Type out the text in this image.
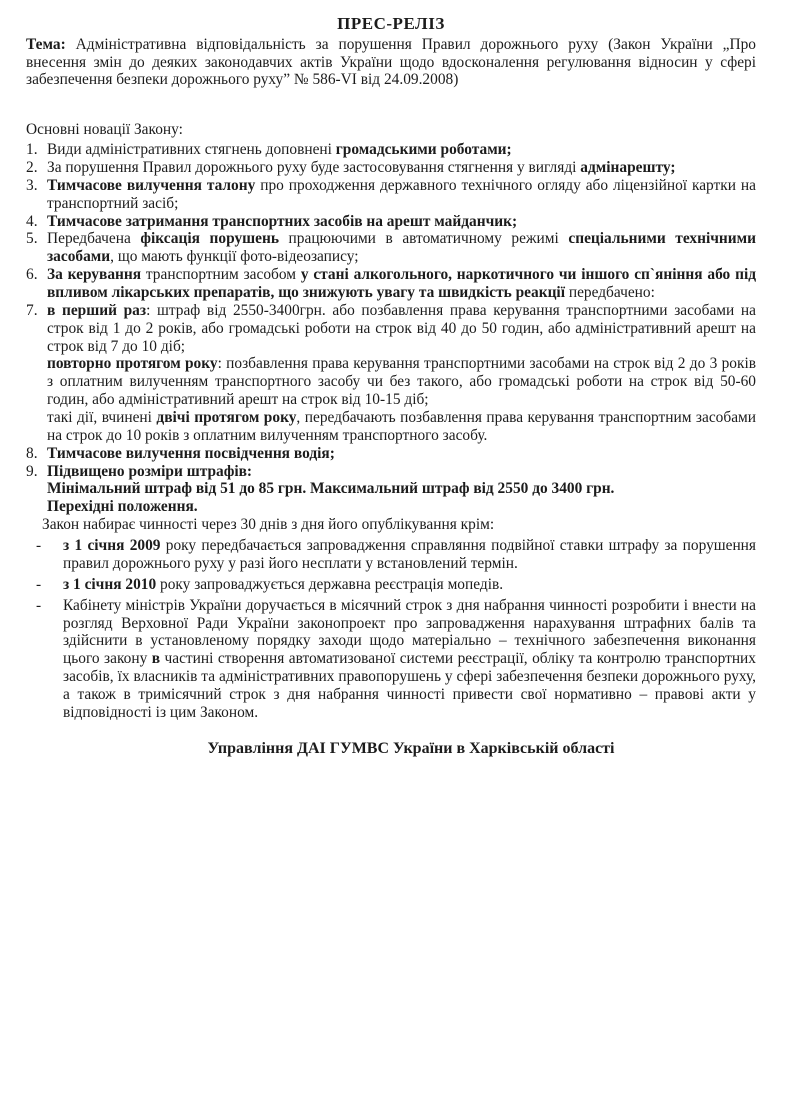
ПРЕС-РЕЛІЗ
Тема: Адміністративна відповідальність за порушення Правил дорожнього руху (Закон України „Про внесення змін до деяких законодавчих актів України щодо вдосконалення регулювання відносин у сфері забезпечення безпеки дорожнього руху” № 586-VI від 24.09.2008)
Основні новації Закону:
1. Види адміністративних стягнень доповнені громадськими роботами;
2. За порушення Правил дорожнього руху буде застосовування стягнення у вигляді адмінарешту;
3. Тимчасове вилучення талону про проходження державного технічного огляду або ліцензійної картки на транспортний засіб;
4. Тимчасове затримання транспортних засобів на арешт майданчик;
5. Передбачена фіксація порушень працюючими в автоматичному режимі спеціальними технічними засобами, що мають функції фото-відеозапису;
6. За керування транспортним засобом у стані алкогольного, наркотичного чи іншого сп`яніння або під впливом лікарських препаратів, що знижують увагу та швидкість реакції передбачено:
7. в перший раз: штраф від 2550-3400грн. або позбавлення права керування транспортними засобами на строк від 1 до 2 років, або громадські роботи на строк від 40 до 50 годин, або адміністративний арешт на строк від 7 до 10 діб;
повторно протягом року: позбавлення права керування транспортними засобами на строк від 2 до 3 років з оплатним вилученням транспортного засобу чи без такого, або громадські роботи на строк від 50-60 годин, або адміністративний арешт на строк від 10-15 діб;
такі дії, вчинені двічі протягом року, передбачають позбавлення права керування транспортним засобами на строк до 10 років з оплатним вилученням транспортного засобу.
8. Тимчасове вилучення посвідчення водія;
9. Підвищено розміри штрафів:
Мінімальний штраф від 51 до 85 грн. Максимальний штраф від 2550 до 3400 грн.
Перехідні положення.
Закон набирає чинності через 30 днів з дня його опублікування крім:
- з 1 січня 2009 року передбачається запровадження справляння подвійної ставки штрафу за порушення правил дорожнього руху у разі його несплати у встановлений термін.
- з 1 січня 2010 року запроваджується державна реєстрація мопедів.
- Кабінету міністрів України доручається в місячний строк з дня набрання чинності розробити і внести на розгляд Верховної Ради України законопроект про запровадження нарахування штрафних балів та здійснити в установленому порядку заходи щодо матеріально – технічного забезпечення виконання цього закону в частині створення автоматизованої системи реєстрації, обліку та контролю транспортних засобів, їх власників та адміністративних правопорушень у сфері забезпечення безпеки дорожнього руху, а також в тримісячний строк з дня набрання чинності привести свої нормативно – правові акти у відповідності із цим Законом.
Управління ДАІ ГУМВС України в Харківській області
